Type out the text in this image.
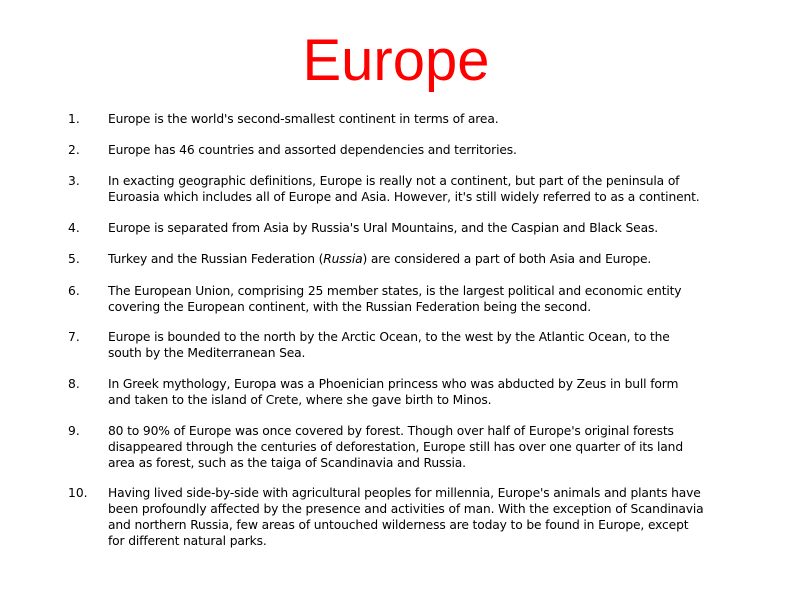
Europe
1. Europe is the world's second-smallest continent in terms of area.
2. Europe has 46 countries and assorted dependencies and territories.
3. In exacting geographic definitions, Europe is really not a continent, but part of the peninsula of
Euroasia which includes all of Europe and Asia. However, it's still widely referred to as a continent.
4. Europe is separated from Asia by Russia's Ural Mountains, and the Caspian and Black Seas.
5. Turkey and the Russian Federation (Russia) are considered a part of both Asia and Europe.
6. The European Union, comprising 25 member states, is the largest political and economic entity
covering the European continent, with the Russian Federation being the second.
7. Europe is bounded to the north by the Arctic Ocean, to the west by the Atlantic Ocean, to the
south by the Mediterranean Sea.
8. In Greek mythology, Europa was a Phoenician princess who was abducted by Zeus in bull form
and taken to the island of Crete, where she gave birth to Minos.
9. 80 to 90% of Europe was once covered by forest. Though over half of Europe's original forests
disappeared through the centuries of deforestation, Europe still has over one quarter of its land
area as forest, such as the taiga of Scandinavia and Russia.
10. Having lived side-by-side with agricultural peoples for millennia, Europe's animals and plants have
been profoundly affected by the presence and activities of man. With the exception of Scandinavia
and northern Russia, few areas of untouched wilderness are today to be found in Europe, except
for different natural parks.
